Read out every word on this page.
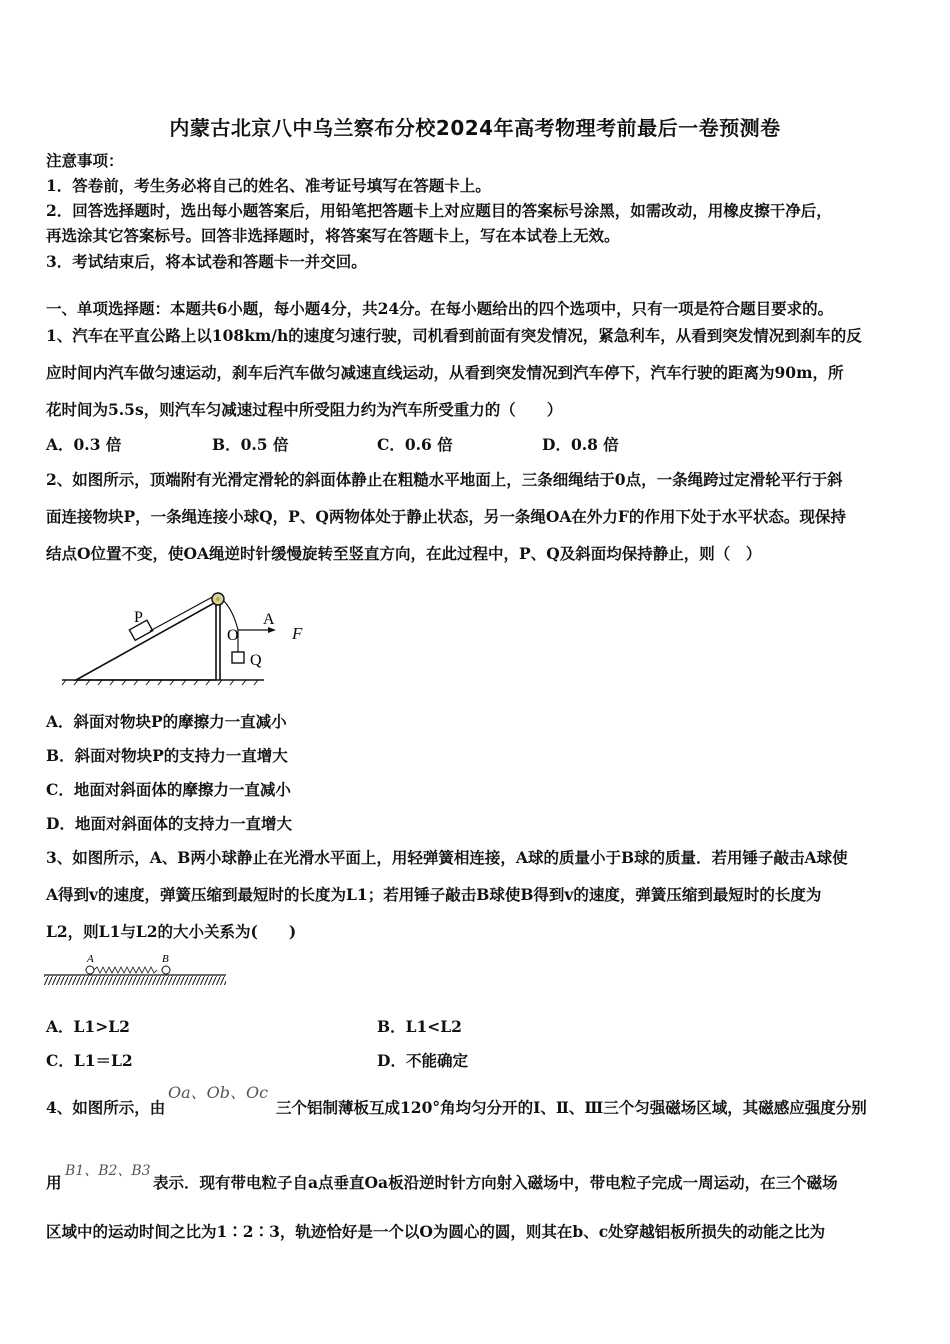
内蒙古北京八中乌兰察布分校2024年高考物理考前最后一卷预测卷
注意事项：
1．答卷前，考生务必将自己的姓名、准考证号填写在答题卡上。
2．回答选择题时，选出每小题答案后，用铅笔把答题卡上对应题目的答案标号涂黑，如需改动，用橡皮擦干净后，
再选涂其它答案标号。回答非选择题时，将答案写在答题卡上，写在本试卷上无效。
3．考试结束后，将本试卷和答题卡一并交回。
一、单项选择题：本题共6小题，每小题4分，共24分。在每小题给出的四个选项中，只有一项是符合题目要求的。
1、汽车在平直公路上以108km/h的速度匀速行驶，司机看到前面有突发情况，紧急利车，从看到突发情况到刹车的反
应时间内汽车做匀速运动，刹车后汽车做匀减速直线运动，从看到突发情况到汽车停下，汽车行驶的距离为90m，所
花时间为5.5s，则汽车匀减速过程中所受阻力约为汽车所受重力的（　　）
A．0.3 倍	B．0.5 倍	C．0.6 倍	D．0.8 倍
2、如图所示，顶端附有光滑定滑轮的斜面体静止在粗糙水平地面上，三条细绳结于0点，一条绳跨过定滑轮平行于斜
面连接物块P，一条绳连接小球Q，P、Q两物体处于静止状态，另一条绳OA在外力F的作用下处于水平状态。现保持
结点O位置不变，使OA绳逆时针缓慢旋转至竖直方向，在此过程中，P、Q及斜面均保持静止，则（　）
P
O
A
Q
F
A．斜面对物块P的摩擦力一直减小
B．斜面对物块P的支持力一直增大
C．地面对斜面体的摩擦力一直减小
D．地面对斜面体的支持力一直增大
3、如图所示，A、B两小球静止在光滑水平面上，用轻弹簧相连接，A球的质量小于B球的质量．若用锤子敲击A球使
A得到v的速度，弹簧压缩到最短时的长度为L1；若用锤子敲击B球使B得到v的速度，弹簧压缩到最短时的长度为
L2，则L1与L2的大小关系为(　　)
A	B
A．L1>L2	B．L1<L2
C．L1＝L2	D．不能确定
4、如图所示，由
Oa、Ob、Oc
三个铝制薄板互成120°角均匀分开的Ⅰ、Ⅱ、Ⅲ三个匀强磁场区域，其磁感应强度分别
用
B1、B2、B3
表示．现有带电粒子自a点垂直Oa板沿逆时针方向射入磁场中，带电粒子完成一周运动，在三个磁场
区域中的运动时间之比为1∶2∶3，轨迹恰好是一个以O为圆心的圆，则其在b、c处穿越铝板所损失的动能之比为
